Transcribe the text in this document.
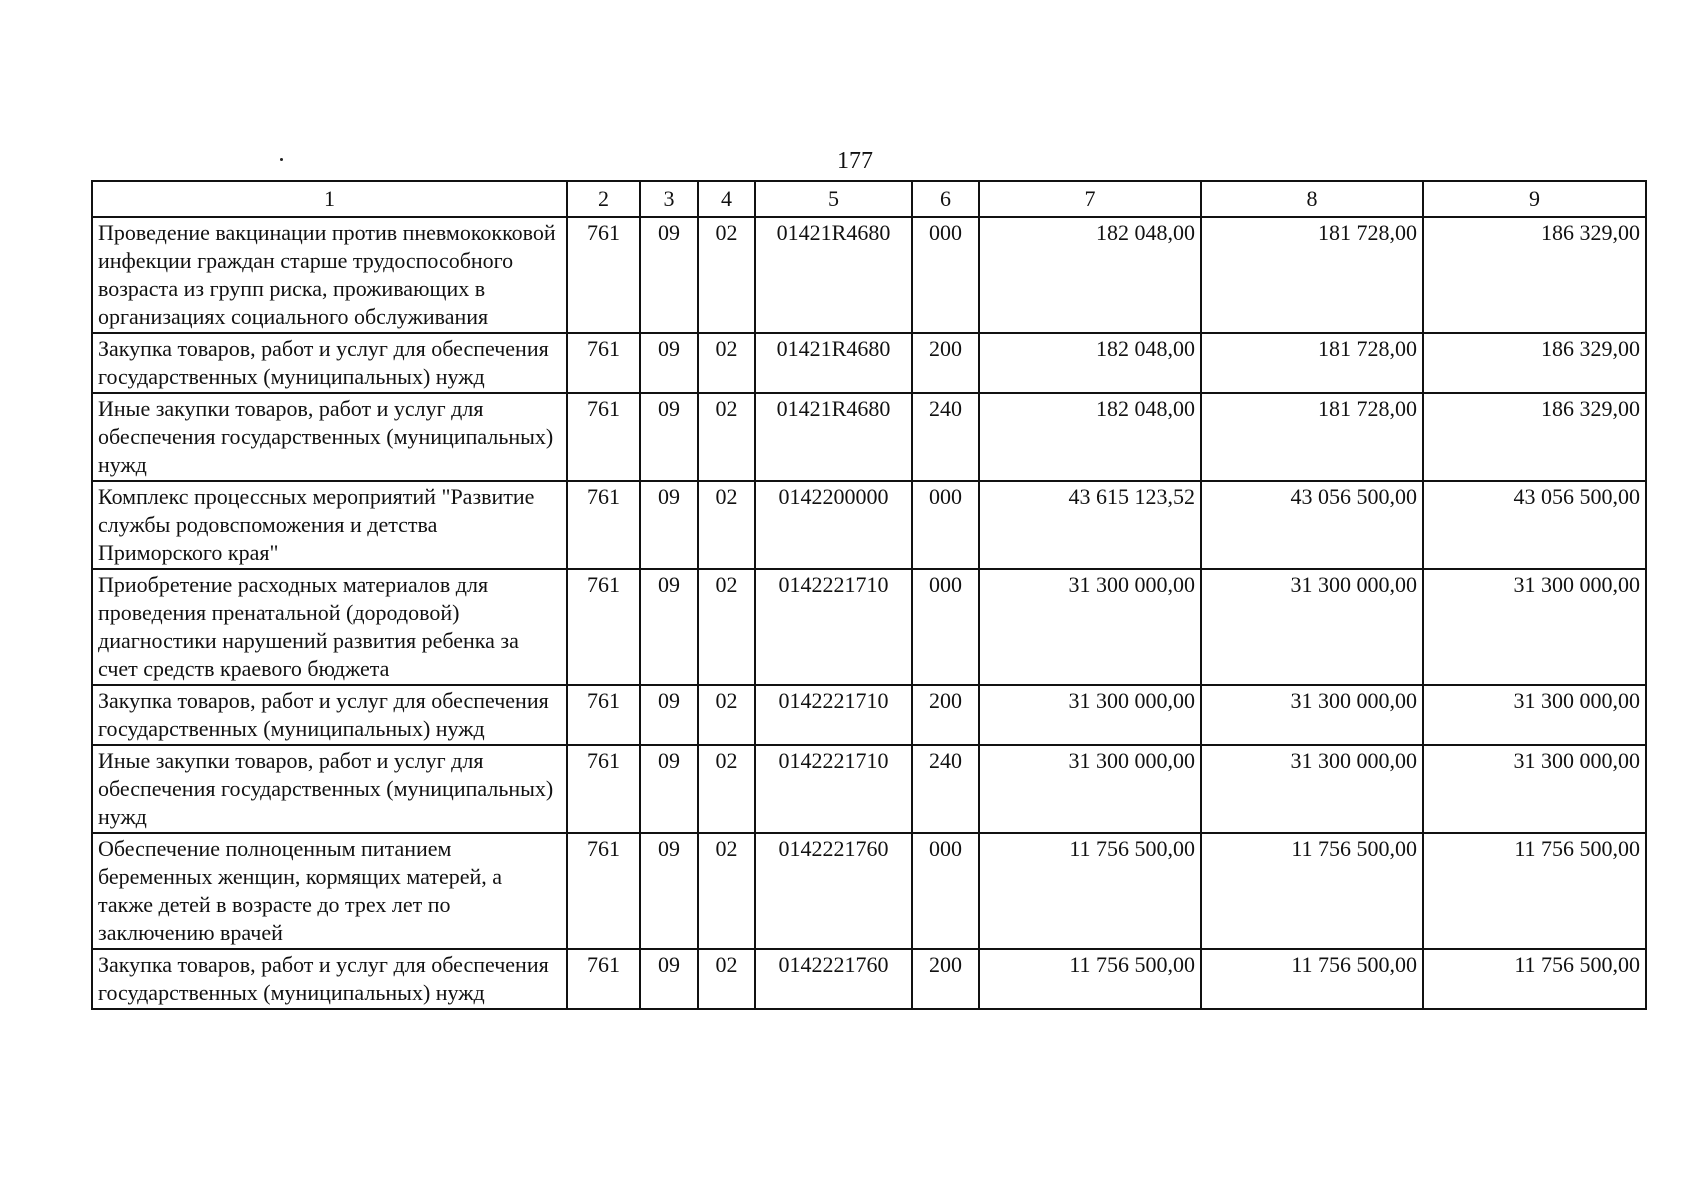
177
1	2	3	4	5	6	7	8	9
Проведение вакцинации против пневмококковой инфекции граждан старше трудоспособного возраста из групп риска, проживающих в организациях социального обслуживания	761	09	02	01421R4680	000	182 048,00	181 728,00	186 329,00
Закупка товаров, работ и услуг для обеспечения государственных (муниципальных) нужд	761	09	02	01421R4680	200	182 048,00	181 728,00	186 329,00
Иные закупки товаров, работ и услуг для обеспечения государственных (муниципальных) нужд	761	09	02	01421R4680	240	182 048,00	181 728,00	186 329,00
Комплекс процессных мероприятий "Развитие службы родовспоможения и детства Приморского края"	761	09	02	0142200000	000	43 615 123,52	43 056 500,00	43 056 500,00
Приобретение расходных материалов для проведения пренатальной (дородовой) диагностики нарушений развития ребенка за счет средств краевого бюджета	761	09	02	0142221710	000	31 300 000,00	31 300 000,00	31 300 000,00
Закупка товаров, работ и услуг для обеспечения государственных (муниципальных) нужд	761	09	02	0142221710	200	31 300 000,00	31 300 000,00	31 300 000,00
Иные закупки товаров, работ и услуг для обеспечения государственных (муниципальных) нужд	761	09	02	0142221710	240	31 300 000,00	31 300 000,00	31 300 000,00
Обеспечение полноценным питанием беременных женщин, кормящих матерей, а также детей в возрасте до трех лет по заключению врачей	761	09	02	0142221760	000	11 756 500,00	11 756 500,00	11 756 500,00
Закупка товаров, работ и услуг для обеспечения государственных (муниципальных) нужд	761	09	02	0142221760	200	11 756 500,00	11 756 500,00	11 756 500,00
